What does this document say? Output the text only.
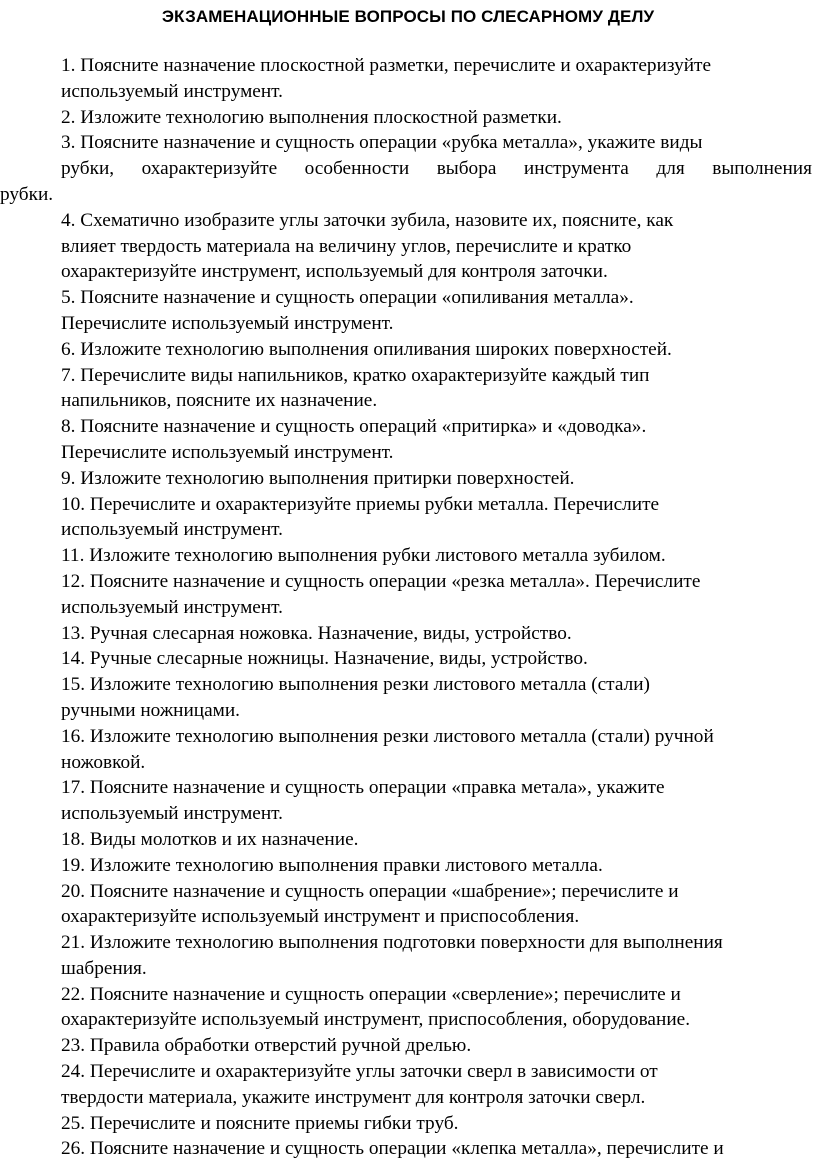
ЭКЗАМЕНАЦИОННЫЕ ВОПРОСЫ ПО СЛЕСАРНОМУ ДЕЛУ
1. Поясните назначение плоскостной разметки, перечислите и охарактеризуйте
используемый инструмент.
2. Изложите технологию выполнения плоскостной разметки.
3. Поясните назначение и сущность операции «рубка металла», укажите виды
рубки, охарактеризуйте особенности выбора инструмента для выполнения
рубки.
4. Схематично изобразите углы заточки зубила, назовите их, поясните, как
влияет твердость материала на величину углов, перечислите и кратко
охарактеризуйте инструмент, используемый для контроля заточки.
5. Поясните назначение и сущность операции «опиливания металла».
Перечислите используемый инструмент.
6. Изложите технологию выполнения опиливания широких поверхностей.
7. Перечислите виды напильников, кратко охарактеризуйте каждый тип
напильников, поясните их назначение.
8. Поясните назначение и сущность операций «притирка» и «доводка».
Перечислите используемый инструмент.
9. Изложите технологию выполнения притирки поверхностей.
10. Перечислите и охарактеризуйте приемы рубки металла. Перечислите
используемый инструмент.
11. Изложите технологию выполнения рубки листового металла зубилом.
12. Поясните назначение и сущность операции «резка металла». Перечислите
используемый инструмент.
13. Ручная слесарная ножовка. Назначение, виды, устройство.
14. Ручные слесарные ножницы. Назначение, виды, устройство.
15. Изложите технологию выполнения резки листового металла (стали)
ручными ножницами.
16. Изложите технологию выполнения резки листового металла (стали) ручной
ножовкой.
17. Поясните назначение и сущность операции «правка метала», укажите
используемый инструмент.
18. Виды молотков и их назначение.
19. Изложите технологию выполнения правки листового металла.
20. Поясните назначение и сущность операции «шабрение»; перечислите и
охарактеризуйте используемый инструмент и приспособления.
21. Изложите технологию выполнения подготовки поверхности для выполнения
шабрения.
22. Поясните назначение и сущность операции «сверление»; перечислите и
охарактеризуйте используемый инструмент, приспособления, оборудование.
23. Правила обработки отверстий ручной дрелью.
24. Перечислите и охарактеризуйте углы заточки сверл в зависимости от
твердости материала, укажите инструмент для контроля заточки сверл.
25. Перечислите и поясните приемы гибки труб.
26. Поясните назначение и сущность операции «клепка металла», перечислите и
